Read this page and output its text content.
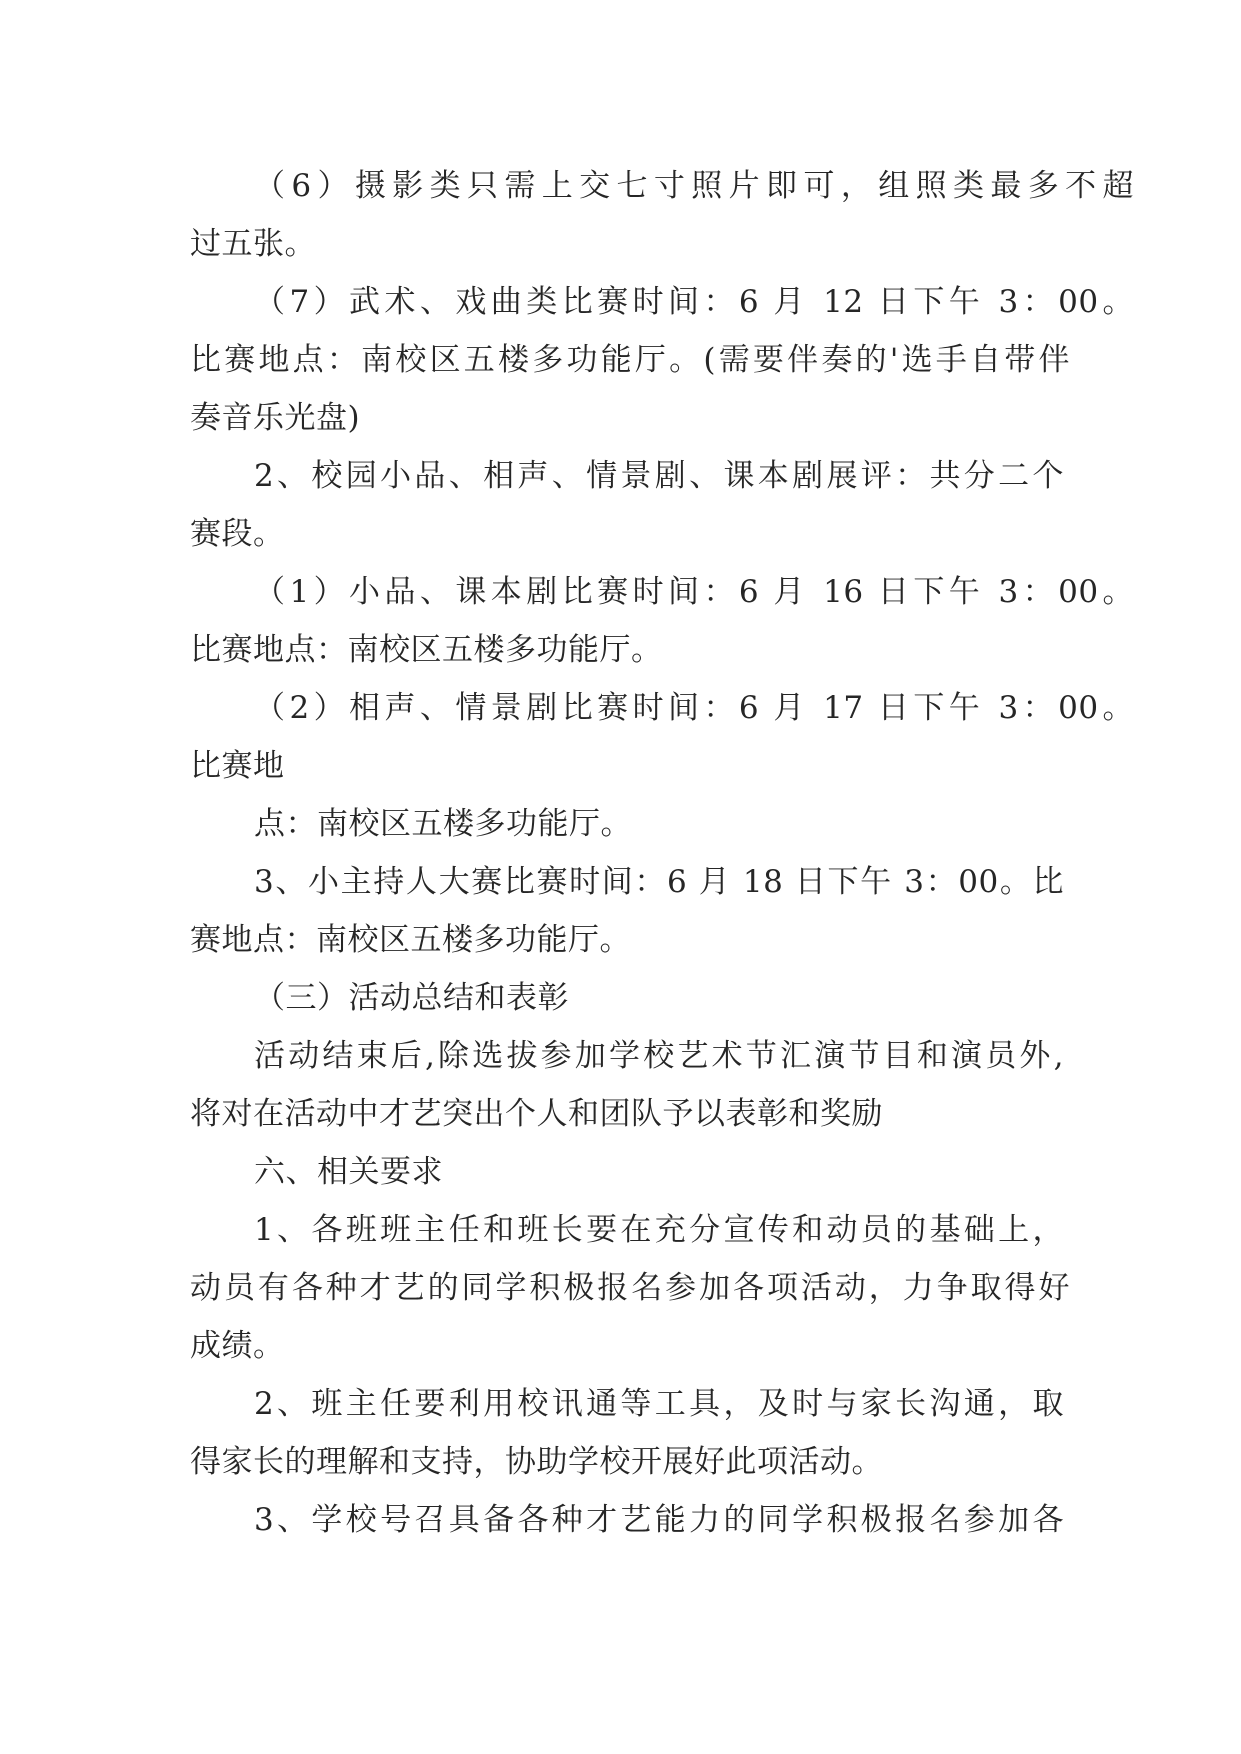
（6）摄影类只需上交七寸照片即可，组照类最多不超
过五张。
（7）武术、戏曲类比赛时间：6 月 12 日下午 3：00。
比赛地点：南校区五楼多功能厅。(需要伴奏的'选手自带伴
奏音乐光盘)
2、校园小品、相声、情景剧、课本剧展评：共分二个
赛段。
（1）小品、课本剧比赛时间：6 月 16 日下午 3：00。
比赛地点：南校区五楼多功能厅。
（2）相声、情景剧比赛时间：6 月 17 日下午 3：00。
比赛地
点：南校区五楼多功能厅。
3、小主持人大赛比赛时间：6 月 18 日下午 3：00。比
赛地点：南校区五楼多功能厅。
（三）活动总结和表彰
活动结束后,除选拔参加学校艺术节汇演节目和演员外,
将对在活动中才艺突出个人和团队予以表彰和奖励
六、相关要求
1、各班班主任和班长要在充分宣传和动员的基础上，
动员有各种才艺的同学积极报名参加各项活动，力争取得好
成绩。
2、班主任要利用校讯通等工具，及时与家长沟通，取
得家长的理解和支持，协助学校开展好此项活动。
3、学校号召具备各种才艺能力的同学积极报名参加各
